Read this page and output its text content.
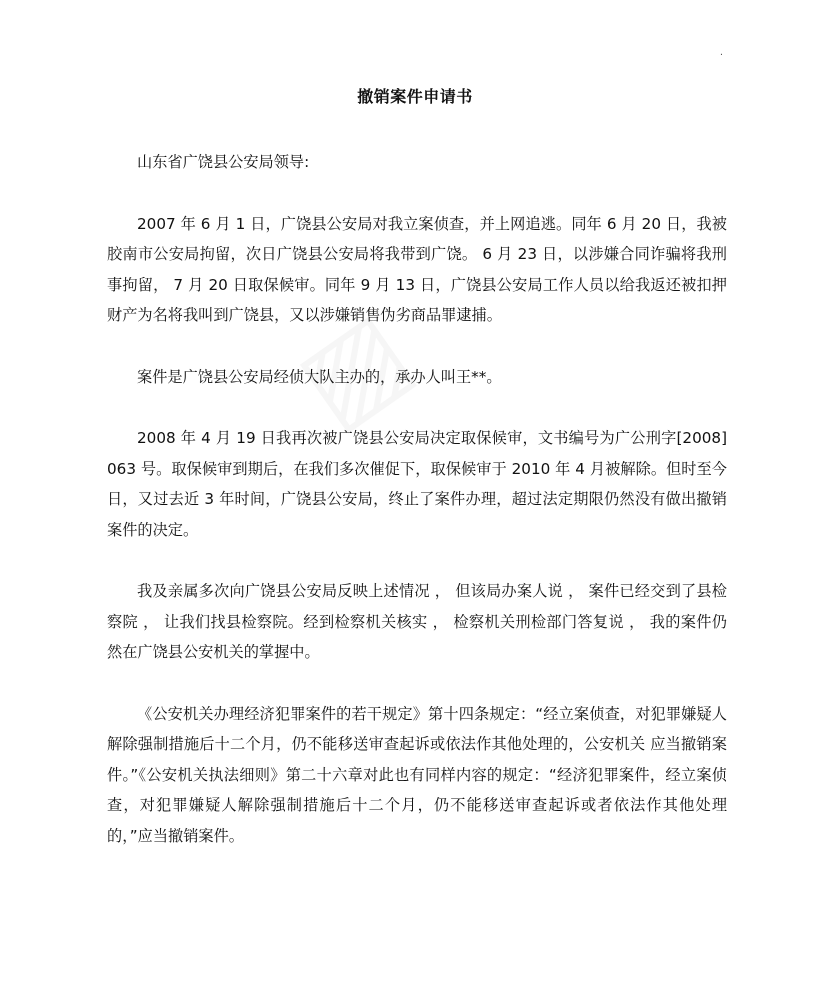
·
撤销案件申请书

山东省广饶县公安局领导:

2007 年 6 月 1 日，广饶县公安局对我立案侦查，并上网追逃。同年 6 月 20 日，我被胶南市公安局拘留，次日广饶县公安局将我带到广饶。 6 月 23 日，以涉嫌合同诈骗将我刑事拘留， 7 月 20 日取保候审。同年 9 月 13 日，广饶县公安局工作人员以给我返还被扣押财产为名将我叫到广饶县，又以涉嫌销售伪劣商品罪逮捕。

案件是广饶县公安局经侦大队主办的，承办人叫王**。

2008 年 4 月 19 日我再次被广饶县公安局决定取保候审，文书编号为广公刑字[2008]063 号。取保候审到期后，在我们多次催促下，取保候审于 2010 年 4 月被解除。但时至今日，又过去近 3 年时间，广饶县公安局，终止了案件办理，超过法定期限仍然没有做出撤销案件的决定。

我及亲属多次向广饶县公安局反映上述情况 ， 但该局办案人说 ， 案件已经交到了县检察院 ， 让我们找县检察院。经到检察机关核实 ， 检察机关刑检部门答复说 ， 我的案件仍然在广饶县公安机关的掌握中。

《公安机关办理经济犯罪案件的若干规定》第十四条规定：“经立案侦查，对犯罪嫌疑人解除强制措施后十二个月，仍不能移送审查起诉或依法作其他处理的，公安机关 应当撤销案件。”《公安机关执法细则》第二十六章对此也有同样内容的规定：“经济犯罪案件，经立案侦查，对犯罪嫌疑人解除强制措施后十二个月，仍不能移送审查起诉或者依法作其他处理的，”应当撤销案件。
